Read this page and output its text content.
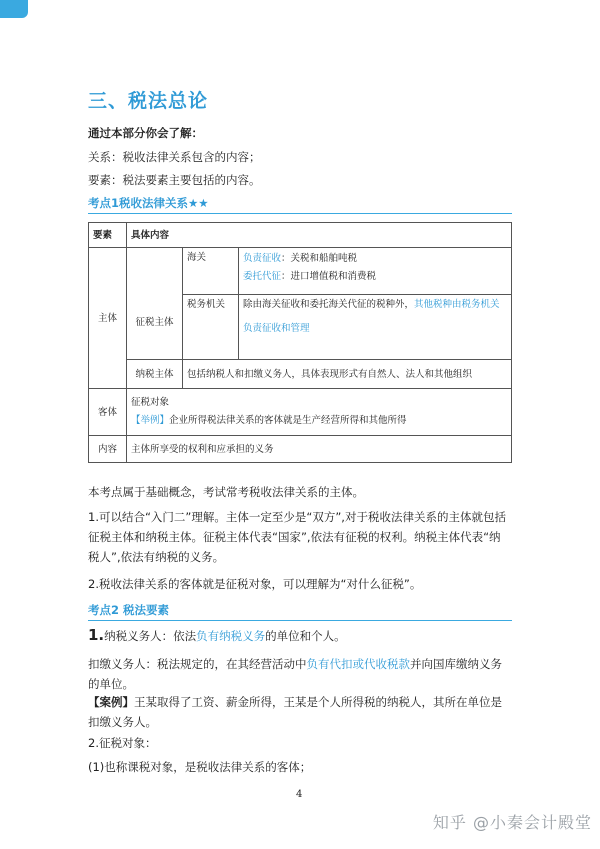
三、税法总论
通过本部分你会了解：
关系：税收法律关系包含的内容；
要素：税法要素主要包括的内容。
考点1税收法律关系★★
要素	具体内容		
主体	征税主体	海关	负责征收：关税和船舶吨税
委托代征：进口增值税和消费税

		税务机关	除由海关征收和委托海关代征的税种外，其他税种由税务机关
负责征收和管理

	纳税主体	包括纳税人和扣缴义务人，具体表现形式有自然人、法人和其他组织	
客体	征税对象
【举例】企业所得税法律关系的客体就是生产经营所得和其他所得		

内容	主体所享受的权利和应承担的义务		
本考点属于基础概念，考试常考税收法律关系的主体。
1.可以结合“入门二”理解。主体一定至少是“双方”,对于税收法律关系的主体就包括征税主体和纳税主体。征税主体代表“国家”,依法有征税的权利。纳税主体代表“纳税人”,依法有纳税的义务。
2.税收法律关系的客体就是征税对象，可以理解为“对什么征税”。
考点2 税法要素
1.纳税义务人：依法负有纳税义务的单位和个人。
扣缴义务人：税法规定的，在其经营活动中负有代扣或代收税款并向国库缴纳义务的单位。
【案例】王某取得了工资、薪金所得，王某是个人所得税的纳税人，其所在单位是扣缴义务人。
2.征税对象：
(1)也称课税对象，是税收法律关系的客体；
4
知乎 @小秦会计殿堂
